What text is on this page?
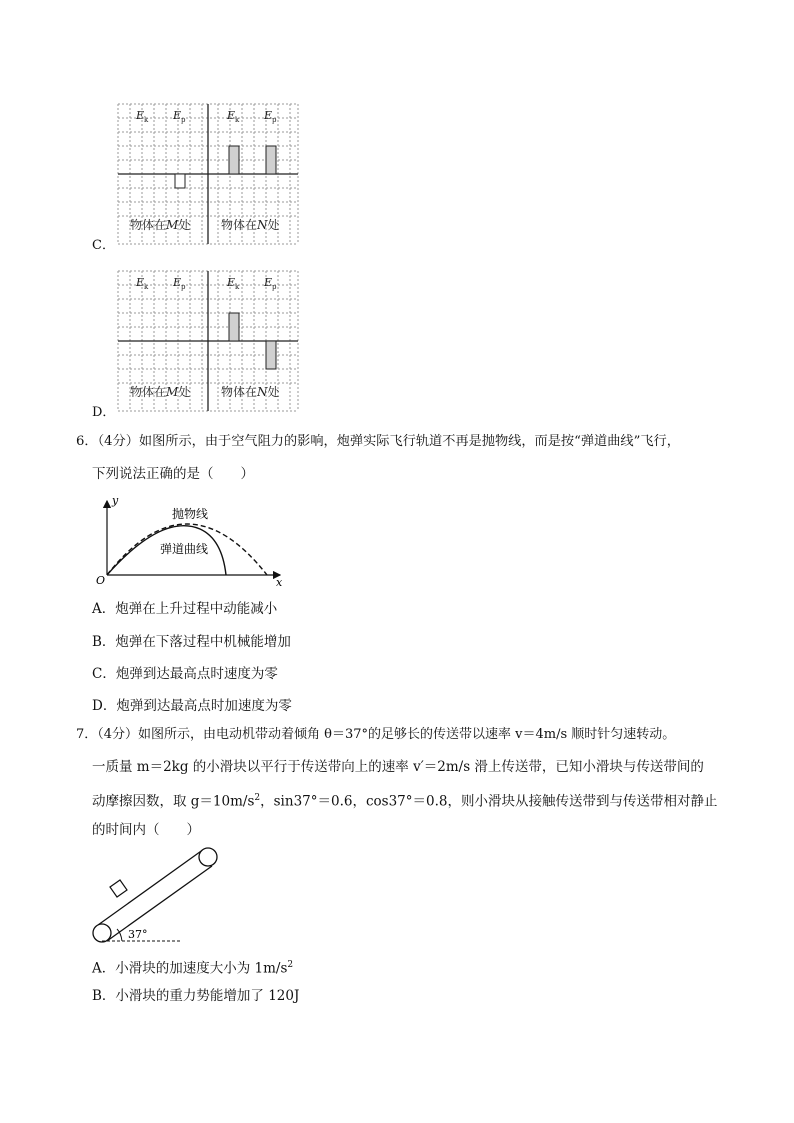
C．
E k E p	E k E p
物体在M处	物体在N处
D．
E k E p	E k E p
物体在M处	物体在N处
6．（4分）如图所示，由于空气阻力的影响，炮弹实际飞行轨道不再是抛物线，而是按“弹道曲线”飞行，
下列说法正确的是（　　）
y
x
O
抛物线
弹道曲线
A．炮弹在上升过程中动能减小
B．炮弹在下落过程中机械能增加
C．炮弹到达最高点时速度为零
D．炮弹到达最高点时加速度为零
7．（4分）如图所示，由电动机带动着倾角 θ＝37°的足够长的传送带以速率 v＝4m/s 顺时针匀速转动。
一质量 m＝2kg 的小滑块以平行于传送带向上的速率 v′＝2m/s 滑上传送带，已知小滑块与传送带间的
动摩擦因数，取 $g=10m/s^2$，sin37°＝0.6，cos37°＝0.8，则小滑块从接触传送带到与传送带相对静止
的时间内（　　）
37°
A．小滑块的加速度大小为 $1m/s^2$
B．小滑块的重力势能增加了 120J
